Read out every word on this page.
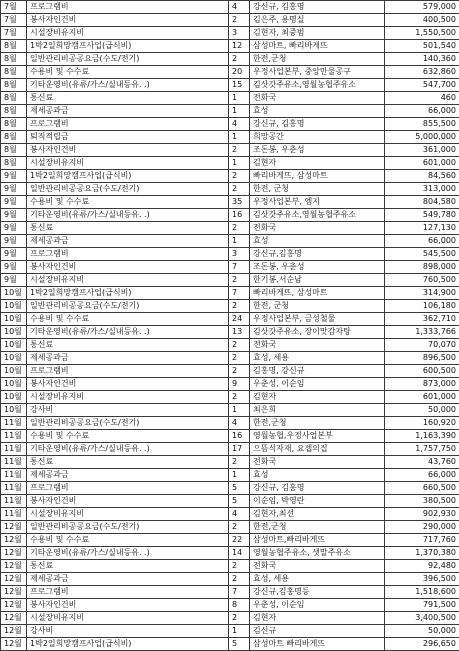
7월	프로그램비	4	강신규, 김홍명	579,000
7월	봉사자인건비	2	김은주, 용명실	400,500
7월	시설장비유지비	3	김현자, 최중범	1,550,500
8월	1박2일희망캠프사업(급식비)	12	삼성마트, 빠리바게뜨	501,540
8월	일반관리비공공요금(수도/전기)	2	한전,군청	140,360
8월	수용비 및 수수료	20	우정사업본부, 중앙만물공구	632,860
8월	기타운영비(유류/가스/실내등유. .)	15	김삿갓주유소,영월농협주유소	547,700
8월	통신료	1	전화국	460
8월	제세공과금	1	효성	66,000
8월	프로그램비	4	강신규, 김홍명	855,500
8월	퇴직적립금	1	희망공간	5,000,000
8월	봉사자인건비	2	조돈봉, 우춘성	361,000
8월	시설장비유지비	1	김현자	601,000
9월	1박2일희망캠프사업(급식비)	2	빠리바게뜨, 삼성마트	84,560
9월	일반관리비공공요금(수도/전기)	2	한전, 군청	313,000
9월	수용비 및 수수료	35	우정사업본부, 엠지	804,580
9월	기타운영비(유류/가스/실내등유. .)	16	김삿갓주유소,영월농협주유소	549,780
9월	통신료	2	전화국	127,130
9월	제세공과금	1	효성	66,000
9월	프로그램비	3	강신규,김홍명	545,500
9월	봉사자인건비	7	조돈봉, 우춘성	898,000
9월	시설장비유지비	2	한기봉,서순남	760,500
10월	1박2일희망캠프사업(급식비)	7	빠리바게뜨, 삼성마트	314,900
10월	일반관리비공공요금(수도/전기)	2	한전, 군청	106,180
10월	수용비 및 수수료	24	우정사업본부, 금성철물	362,710
10월	기타운영비(유류/가스/실내등유. .)	13	김삿갓주유소, 장이맛감자탕	1,333,766
10월	통신료	2	전화국	70,070
10월	제세공과금	2	효성, 세용	896,500
10월	프로그램비	2	김홍명, 강신규	600,500
10월	봉사자인건비	9	우춘성, 이순임	873,000
10월	시설장비유지비	2	김현자	601,000
10월	강사비	1	최은희	50,000
11월	일반관리비공공요금(수도/전기)	4	한전,군청	160,920
11월	수용비 및 수수료	16	영월농협,우정사업본부	1,163,390
11월	기타운영비(유류/가스/실내등유. .)	17	으뜸식자재, 요셉의집	1,757,750
11월	통신료	2	전화국	43,760
11월	제세공과금	1	효성	66,000
11월	프로그램비	5	강신규, 김홍명	660,500
11월	봉사자인건비	5	이순임, 박영란	380,500
11월	시설장비유지비	4	김현자,최선	902,930
12월	일반관리비공공요금(수도/전기)	2	한전,군청	290,000
12월	수용비 및 수수료	22	삼성마트,빠리바게뜨	717,760
12월	기타운영비(유류/가스/실내등유. .)	14	영월농협주유소, 샛말주유소	1,370,380
12월	통신료	2	전화국	92,480
12월	제세공과금	2	효성, 세용	396,500
12월	프로그램비	7	강신규,김홍명등	1,518,600
12월	봉사자인건비	8	우춘성, 이순임	791,500
12월	시설장비유지비	2	김현자	3,400,500
12월	강사비	1	김신규	50,000
12월	1박2일희망캠프사업(급식비)	5	삼성마트 빠리바게뜨	296,650
